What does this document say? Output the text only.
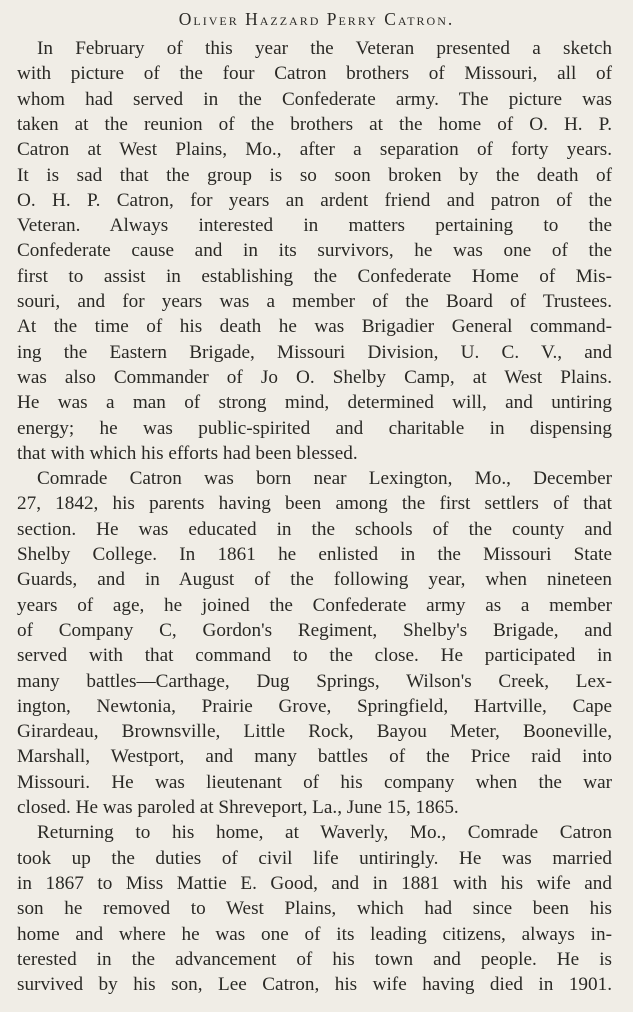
Oliver Hazzard Perry Catron.
In February of this year the Veteran presented a sketch
with picture of the four Catron brothers of Missouri, all of
whom had served in the Confederate army. The picture was
taken at the reunion of the brothers at the home of O. H. P.
Catron at West Plains, Mo., after a separation of forty years.
It is sad that the group is so soon broken by the death of
O. H. P. Catron, for years an ardent friend and patron of the
Veteran. Always interested in matters pertaining to the
Confederate cause and in its survivors, he was one of the
first to assist in establishing the Confederate Home of Mis-
souri, and for years was a member of the Board of Trustees.
At the time of his death he was Brigadier General command-
ing the Eastern Brigade, Missouri Division, U. C. V., and
was also Commander of Jo O. Shelby Camp, at West Plains.
He was a man of strong mind, determined will, and untiring
energy; he was public-spirited and charitable in dispensing
that with which his efforts had been blessed.
Comrade Catron was born near Lexington, Mo., December
27, 1842, his parents having been among the first settlers of that
section. He was educated in the schools of the county and
Shelby College. In 1861 he enlisted in the Missouri State
Guards, and in August of the following year, when nineteen
years of age, he joined the Confederate army as a member
of Company C, Gordon's Regiment, Shelby's Brigade, and
served with that command to the close. He participated in
many battles—Carthage, Dug Springs, Wilson's Creek, Lex-
ington, Newtonia, Prairie Grove, Springfield, Hartville, Cape
Girardeau, Brownsville, Little Rock, Bayou Meter, Booneville,
Marshall, Westport, and many battles of the Price raid into
Missouri. He was lieutenant of his company when the war
closed. He was paroled at Shreveport, La., June 15, 1865.
Returning to his home, at Waverly, Mo., Comrade Catron
took up the duties of civil life untiringly. He was married
in 1867 to Miss Mattie E. Good, and in 1881 with his wife and
son he removed to West Plains, which had since been his
home and where he was one of its leading citizens, always in-
terested in the advancement of his town and people. He is
survived by his son, Lee Catron, his wife having died in 1901.
